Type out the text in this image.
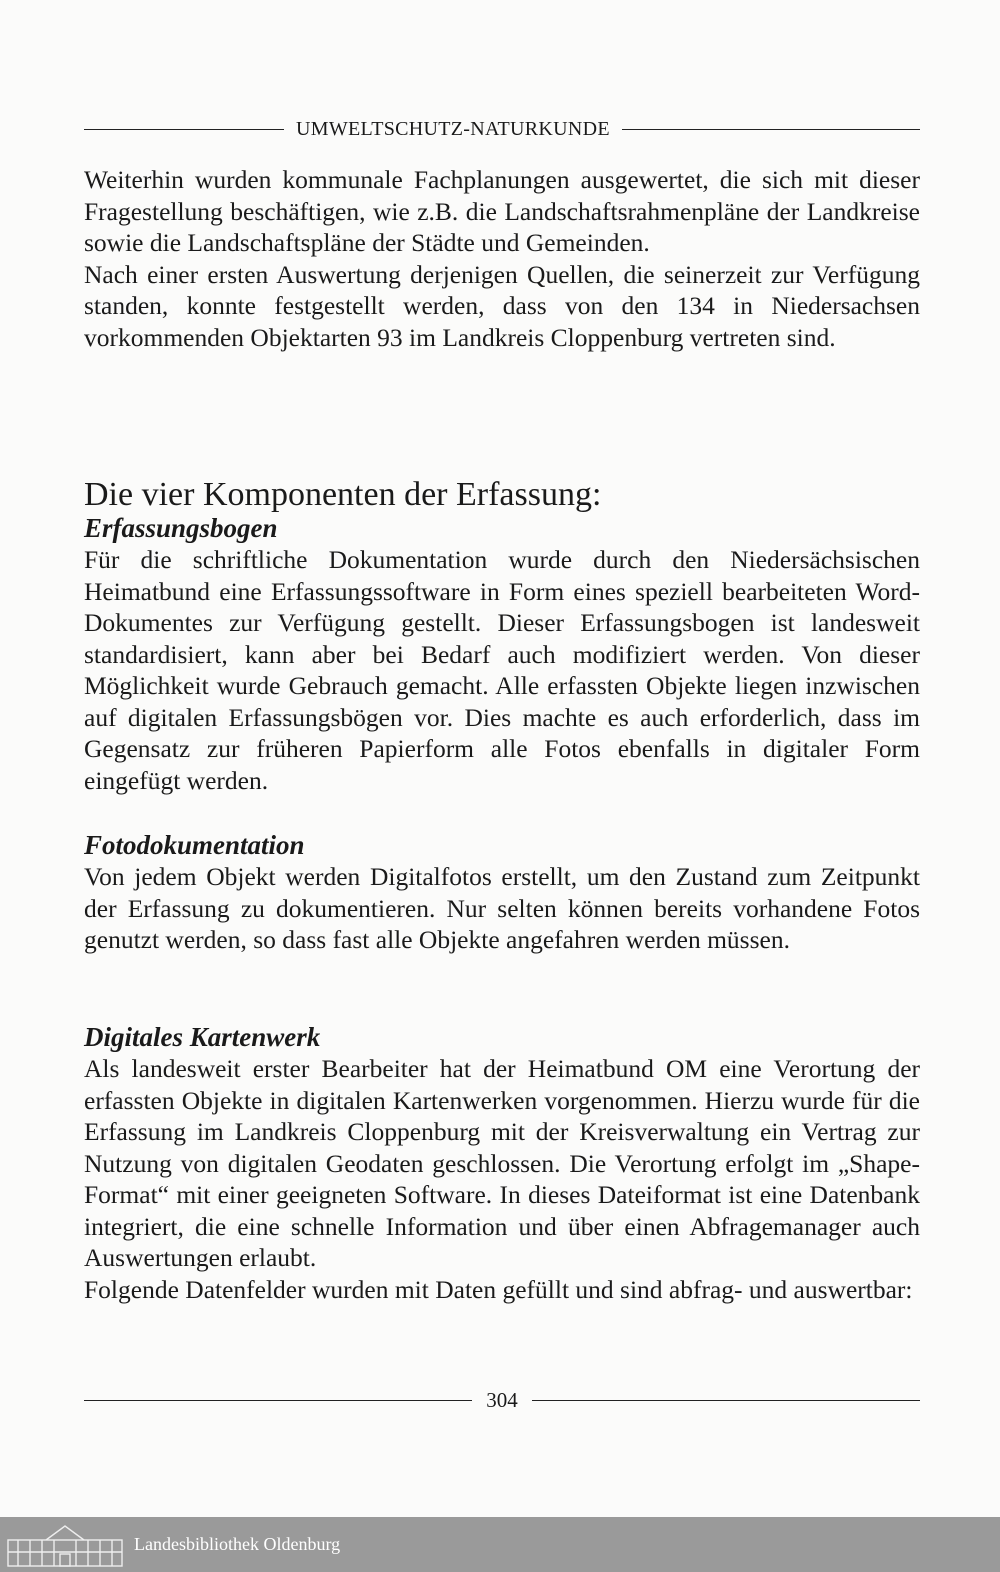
UMWELTSCHUTZ-NATURKUNDE

Weiterhin wurden kommunale Fachplanungen ausgewertet, die sich mit dieser Fragestellung beschäftigen, wie z.B. die Landschaftsrahmenpläne der Landkreise sowie die Landschaftspläne der Städte und Gemeinden.

Nach einer ersten Auswertung derjenigen Quellen, die seinerzeit zur Verfügung standen, konnte festgestellt werden, dass von den 134 in Niedersachsen vorkommenden Objektarten 93 im Landkreis Cloppenburg vertreten sind.

Die vier Komponenten der Erfassung:
Erfassungsbogen

Für die schriftliche Dokumentation wurde durch den Niedersächsischen Heimatbund eine Erfassungssoftware in Form eines speziell bearbeiteten Word-Dokumentes zur Verfügung gestellt. Dieser Erfassungsbogen ist landesweit standardisiert, kann aber bei Bedarf auch modifiziert werden. Von dieser Möglichkeit wurde Gebrauch gemacht. Alle erfassten Objekte liegen inzwischen auf digitalen Erfassungsbögen vor. Dies machte es auch erforderlich, dass im Gegensatz zur früheren Papierform alle Fotos ebenfalls in digitaler Form eingefügt werden.

Fotodokumentation

Von jedem Objekt werden Digitalfotos erstellt, um den Zustand zum Zeitpunkt der Erfassung zu dokumentieren. Nur selten können bereits vorhandene Fotos genutzt werden, so dass fast alle Objekte angefahren werden müssen.

Digitales Kartenwerk

Als landesweit erster Bearbeiter hat der Heimatbund OM eine Verortung der erfassten Objekte in digitalen Kartenwerken vorgenommen. Hierzu wurde für die Erfassung im Landkreis Cloppenburg mit der Kreisverwaltung ein Vertrag zur Nutzung von digitalen Geodaten geschlossen. Die Verortung erfolgt im „Shape-Format“ mit einer geeigneten Software. In dieses Dateiformat ist eine Datenbank integriert, die eine schnelle Information und über einen Abfragemanager auch Auswertungen erlaubt.

Folgende Datenfelder wurden mit Daten gefüllt und sind abfrag- und auswertbar:

304
Landesbibliothek Oldenburg
